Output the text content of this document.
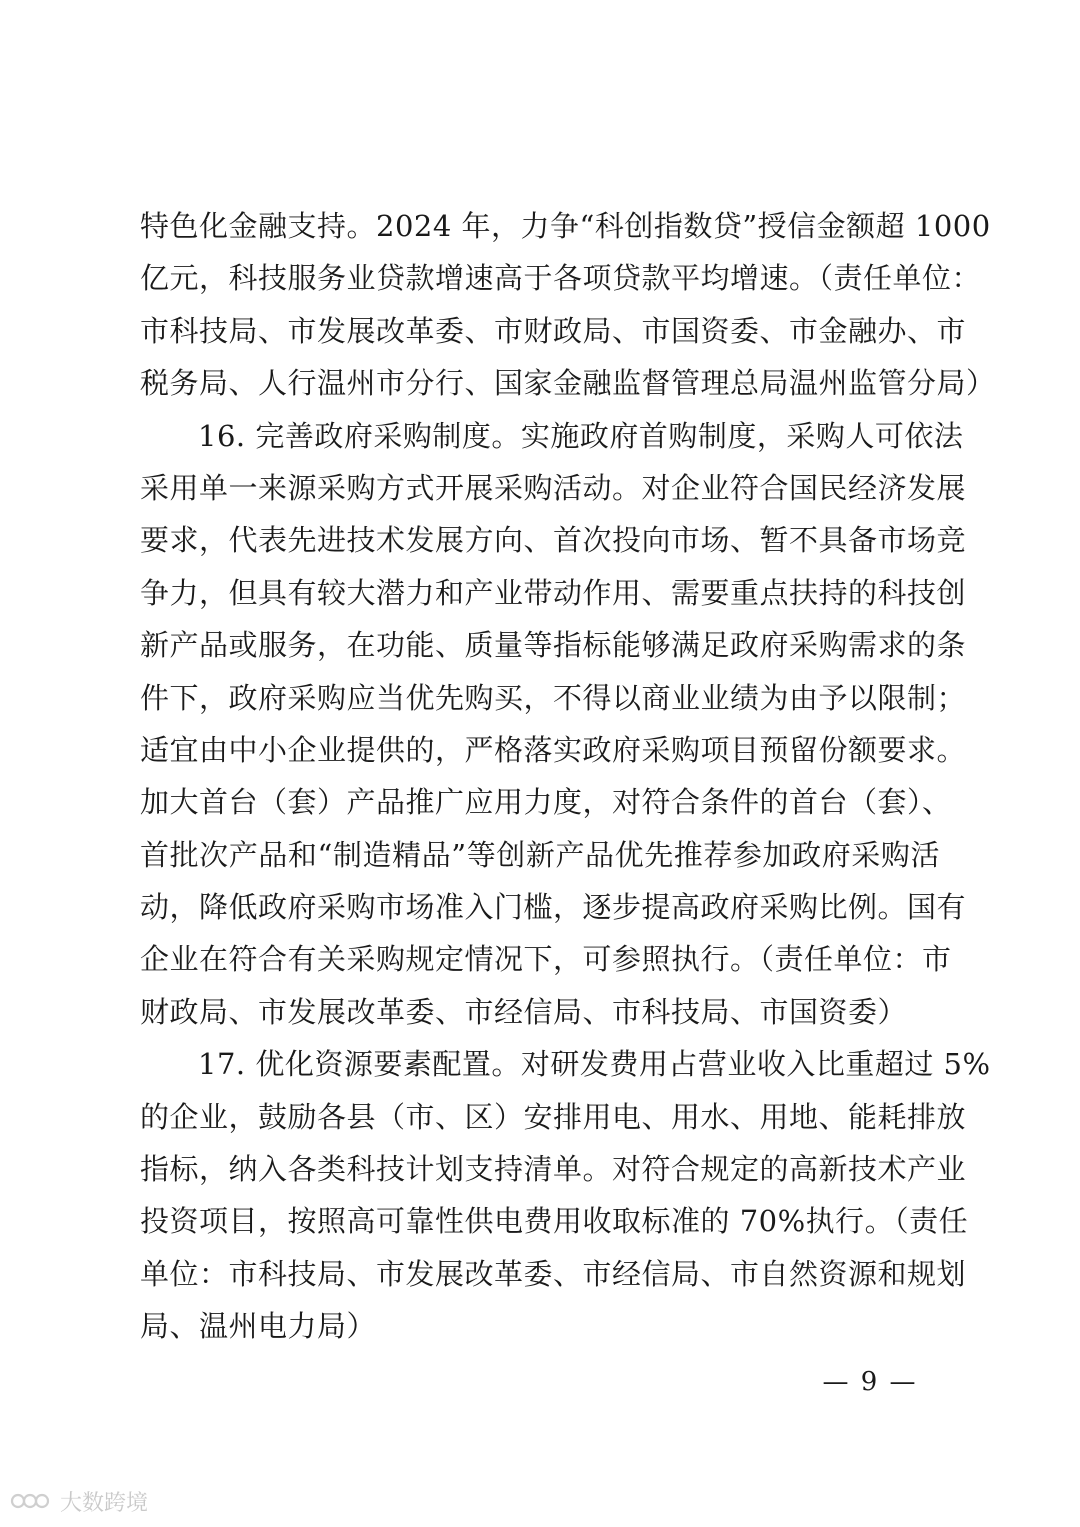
特色化金融支持。2024 年，力争“科创指数贷”授信金额超 1000
亿元，科技服务业贷款增速高于各项贷款平均增速。（责任单位：
市科技局、市发展改革委、市财政局、市国资委、市金融办、市
税务局、人行温州市分行、国家金融监督管理总局温州监管分局）
16. 完善政府采购制度。实施政府首购制度，采购人可依法
采用单一来源采购方式开展采购活动。对企业符合国民经济发展
要求，代表先进技术发展方向、首次投向市场、暂不具备市场竞
争力，但具有较大潜力和产业带动作用、需要重点扶持的科技创
新产品或服务，在功能、质量等指标能够满足政府采购需求的条
件下，政府采购应当优先购买，不得以商业业绩为由予以限制；
适宜由中小企业提供的，严格落实政府采购项目预留份额要求。
加大首台（套）产品推广应用力度，对符合条件的首台（套）、
首批次产品和“制造精品”等创新产品优先推荐参加政府采购活
动，降低政府采购市场准入门槛，逐步提高政府采购比例。国有
企业在符合有关采购规定情况下，可参照执行。（责任单位：市
财政局、市发展改革委、市经信局、市科技局、市国资委）
17. 优化资源要素配置。对研发费用占营业收入比重超过 5%
的企业，鼓励各县（市、区）安排用电、用水、用地、能耗排放
指标，纳入各类科技计划支持清单。对符合规定的高新技术产业
投资项目，按照高可靠性供电费用收取标准的 70%执行。（责任
单位：市科技局、市发展改革委、市经信局、市自然资源和规划
局、温州电力局）
— 9 —
大数跨境
